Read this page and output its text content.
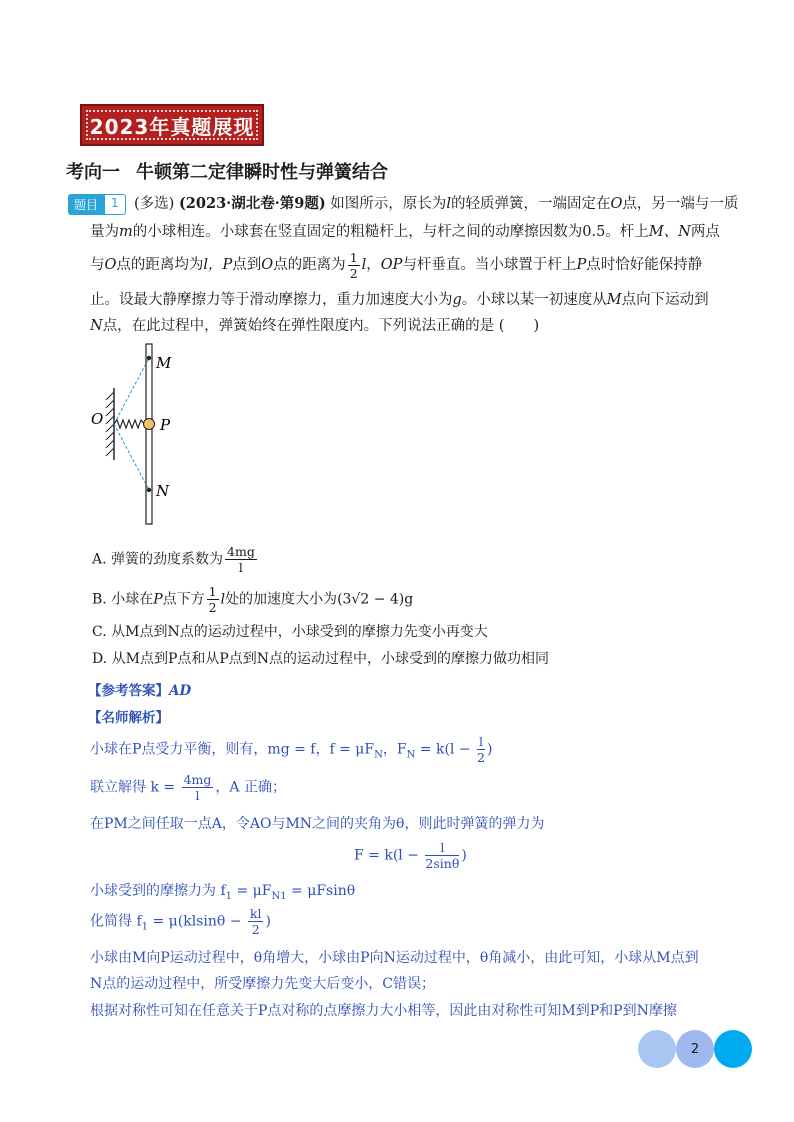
2023年真题展现
考向一 牛顿第二定律瞬时性与弹簧结合
题目	1	(多选) (2023·湖北卷·第9题) 如图所示，原长为l的轻质弹簧，一端固定在O点，另一端与一质
量为m的小球相连。小球套在竖直固定的粗糙杆上，与杆之间的动摩擦因数为0.5。杆上M、N两点
与O点的距离均为l，P点到O点的距离为 $\frac{1}{2}$ l，OP与杆垂直。当小球置于杆上P点时恰好能保持静
止。设最大静摩擦力等于滑动摩擦力，重力加速度大小为g。小球以某一初速度从M点向下运动到
N点，在此过程中，弹簧始终在弹性限度内。下列说法正确的是 (　　)
M
O	P
N
A. 弹簧的劲度系数为 $\frac{4mg}{l}$
B. 小球在P点下方 $\frac{1}{2}$ l处的加速度大小为(3√2 − 4)g
C. 从M点到N点的运动过程中，小球受到的摩擦力先变小再变大
D. 从M点到P点和从P点到N点的运动过程中，小球受到的摩擦力做功相同
【参考答案】AD
【名师解析】
小球在P点受力平衡，则有，mg = f，$f = \mu F_N$，$F_N = k(l - \frac{l}{2}$ )
联立解得 $k = \frac{4mg}{l}$ ，A 正确；
在PM之间任取一点A，令AO与MN之间的夹角为θ，则此时弹簧的弹力为
$F = k(l - \frac{l}{2\sin\theta}$ )
小球受到的摩擦力为 $f_1 = \mu F_{N1} = \mu Fsin\theta$
化简得 $f_1 = \mu(klsin\theta - \frac{kl}{2}$ )
小球由M向P运动过程中，θ角增大，小球由P向N运动过程中，θ角减小，由此可知，小球从M点到
N点的运动过程中，所受摩擦力先变大后变小，C错误；
根据对称性可知在任意关于P点对称的点摩擦力大小相等，因此由对称性可知M到P和P到N摩擦
2
